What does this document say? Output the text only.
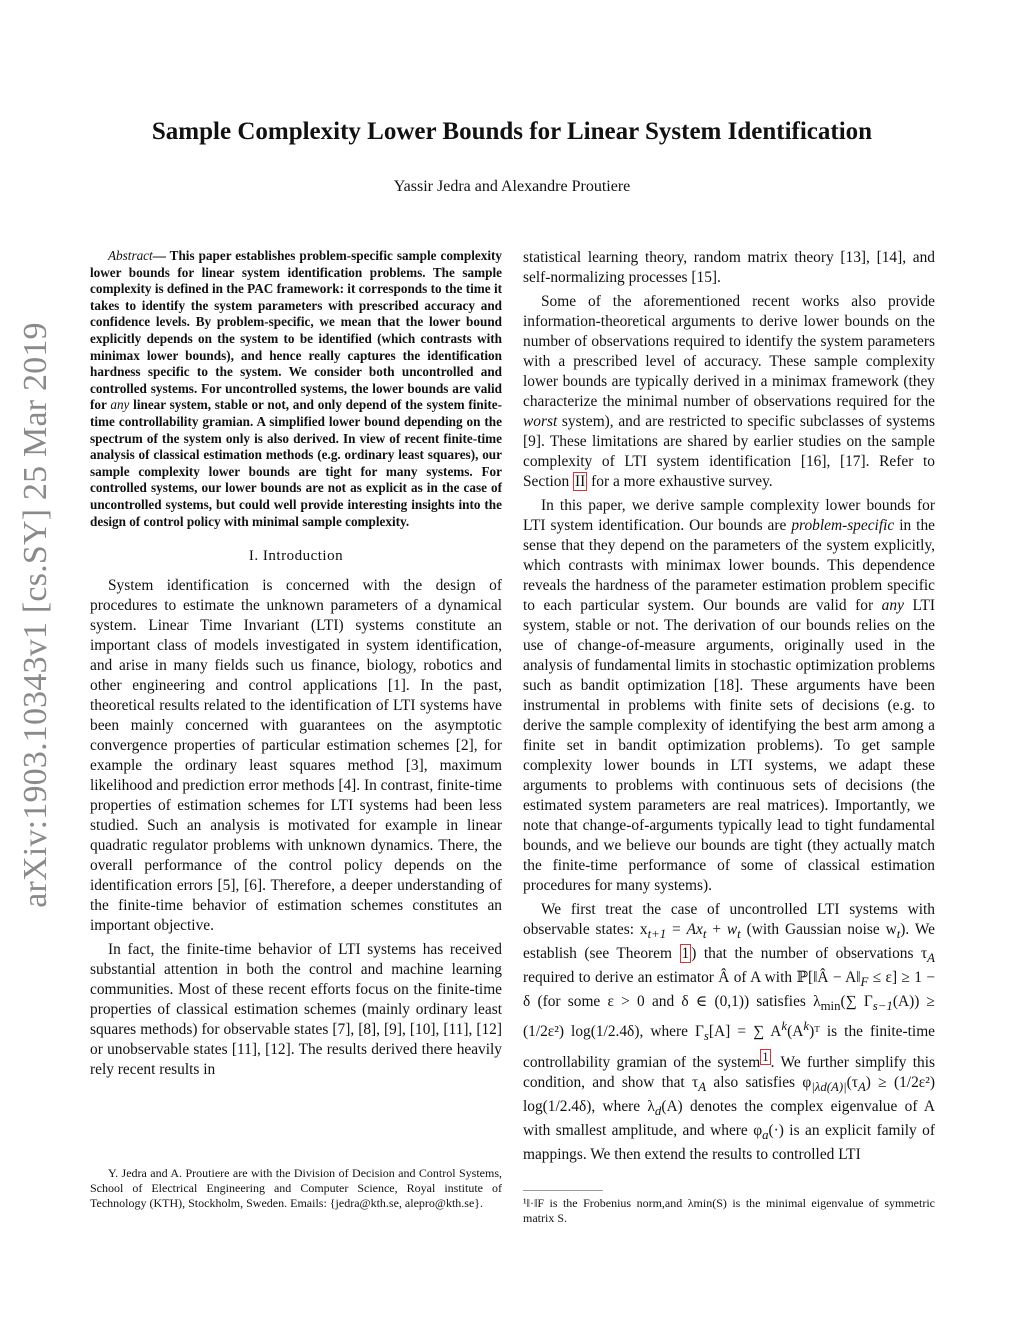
arXiv:1903.10343v1 [cs.SY] 25 Mar 2019
Sample Complexity Lower Bounds for Linear System Identification
Yassir Jedra and Alexandre Proutiere

Abstract— This paper establishes problem-specific sample complexity lower bounds for linear system identification problems. The sample complexity is defined in the PAC framework: it corresponds to the time it takes to identify the system parameters with prescribed accuracy and confidence levels. By problem-specific, we mean that the lower bound explicitly depends on the system to be identified (which contrasts with minimax lower bounds), and hence really captures the identification hardness specific to the system. We consider both uncontrolled and controlled systems. For uncontrolled systems, the lower bounds are valid for any linear system, stable or not, and only depend of the system finite-time controllability gramian. A simplified lower bound depending on the spectrum of the system only is also derived. In view of recent finite-time analysis of classical estimation methods (e.g. ordinary least squares), our sample complexity lower bounds are tight for many systems. For controlled systems, our lower bounds are not as explicit as in the case of uncontrolled systems, but could well provide interesting insights into the design of control policy with minimal sample complexity.

I. Introduction

System identification is concerned with the design of procedures to estimate the unknown parameters of a dynamical system. Linear Time Invariant (LTI) systems constitute an important class of models investigated in system identification, and arise in many fields such us finance, biology, robotics and other engineering and control applications [1]. In the past, theoretical results related to the identification of LTI systems have been mainly concerned with guarantees on the asymptotic convergence properties of particular estimation schemes [2], for example the ordinary least squares method [3], maximum likelihood and prediction error methods [4]. In contrast, finite-time properties of estimation schemes for LTI systems had been less studied. Such an analysis is motivated for example in linear quadratic regulator problems with unknown dynamics. There, the overall performance of the control policy depends on the identification errors [5], [6]. Therefore, a deeper understanding of the finite-time behavior of estimation schemes constitutes an important objective.

In fact, the finite-time behavior of LTI systems has received substantial attention in both the control and machine learning communities. Most of these recent efforts focus on the finite-time properties of classical estimation schemes (mainly ordinary least squares methods) for observable states [7], [8], [9], [10], [11], [12] or unobservable states [11], [12]. The results derived there heavily rely recent results in

statistical learning theory, random matrix theory [13], [14], and self-normalizing processes [15].

Some of the aforementioned recent works also provide information-theoretical arguments to derive lower bounds on the number of observations required to identify the system parameters with a prescribed level of accuracy. These sample complexity lower bounds are typically derived in a minimax framework (they characterize the minimal number of observations required for the worst system), and are restricted to specific subclasses of systems [9]. These limitations are shared by earlier studies on the sample complexity of LTI system identification [16], [17]. Refer to Section II for a more exhaustive survey.

In this paper, we derive sample complexity lower bounds for LTI system identification. Our bounds are problem-specific in the sense that they depend on the parameters of the system explicitly, which contrasts with minimax lower bounds. This dependence reveals the hardness of the parameter estimation problem specific to each particular system. Our bounds are valid for any LTI system, stable or not. The derivation of our bounds relies on the use of change-of-measure arguments, originally used in the analysis of fundamental limits in stochastic optimization problems such as bandit optimization [18]. These arguments have been instrumental in problems with finite sets of decisions (e.g. to derive the sample complexity of identifying the best arm among a finite set in bandit optimization problems). To get sample complexity lower bounds in LTI systems, we adapt these arguments to problems with continuous sets of decisions (the estimated system parameters are real matrices). Importantly, we note that change-of-arguments typically lead to tight fundamental bounds, and we believe our bounds are tight (they actually match the finite-time performance of some of classical estimation procedures for many systems).

We first treat the case of uncontrolled LTI systems with observable states: $x_{t+1} = Ax_t + w_t$ (with Gaussian noise $w_t$). We establish (see Theorem 1 ) that the number of observations $\tau_A$ required to derive an estimator Â of A with ℙ[‖Â − $A‖_F \le \varepsilon] \ge 1 - \delta$ (for some ε > 0 and δ ∈ (0,1)) satisfies $\lambda_{min}(\sum$ $\Gamma_{s-1}(A)) \ge (1/2\varepsilon^2)$ log(1/2.4δ), where $\Gamma_s[A]$ = ∑ $A^k(A^k)ᵀ$ is the finite-time controllability gramian of the system $^1$ . We further simplify this condition, and show that $\tau_A$ also satisfies $\varphi_{|\lambda d(A)|}(\tau_A) \ge (1/2\varepsilon^2)$ log(1/2.4δ), where $\lambda_d(A)$ denotes the complex eigenvalue of A with smallest amplitude, and where $\varphi_a(\cdot)$ is an explicit family of mappings. We then extend the results to controlled LTI

Y. Jedra and A. Proutiere are with the Division of Decision and Control Systems, School of Electrical Engineering and Computer Science, Royal institute of Technology (KTH), Stockholm, Sweden. Emails: {jedra@kth.se, alepro@kth.se}.	¹‖·‖F is the Frobenius norm,and λmin(S) is the minimal eigenvalue of symmetric matrix S.
